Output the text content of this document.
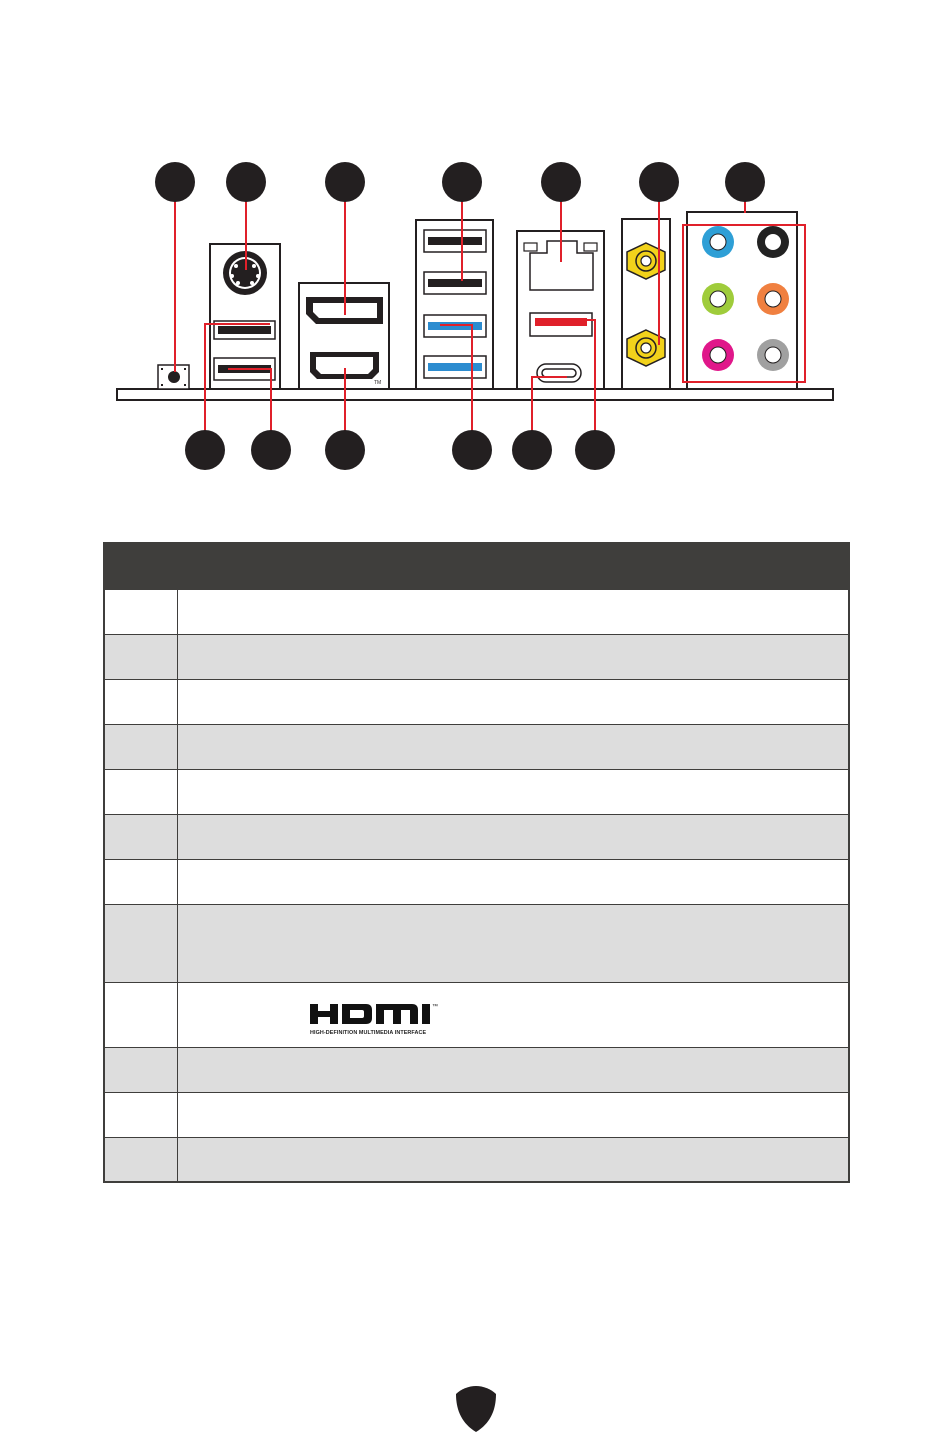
TM

™
HIGH-DEFINITION MULTIMEDIA INTERFACE
